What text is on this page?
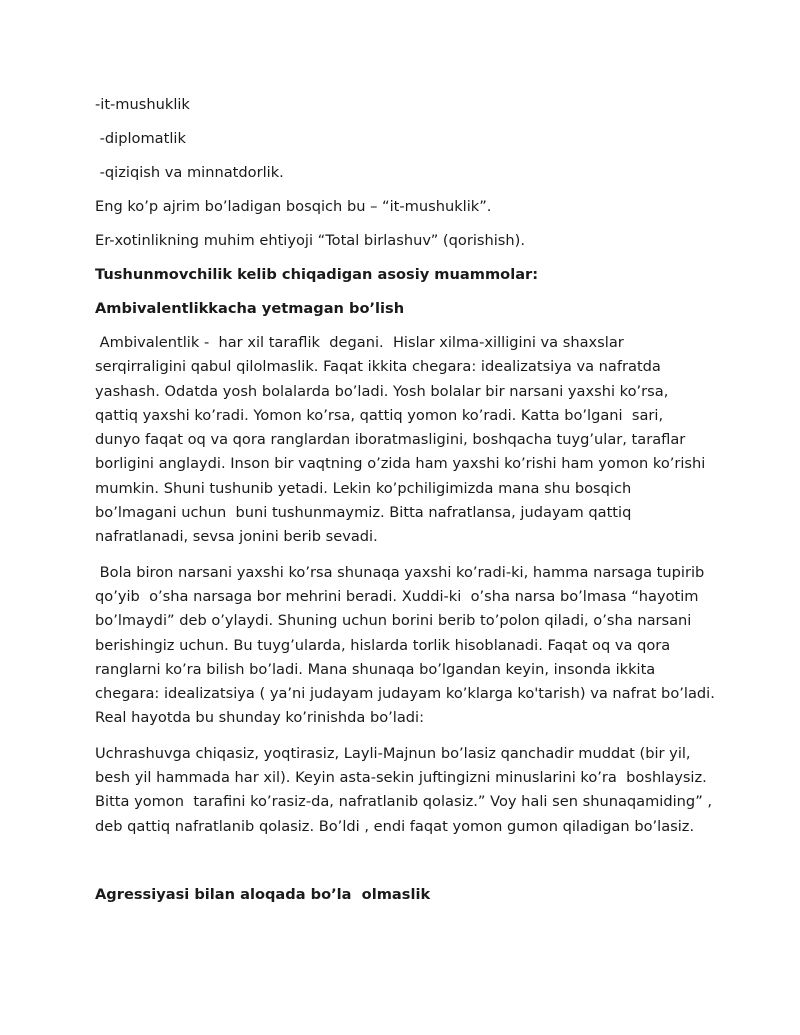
-it-mushuklik

-diplomatlik

-qiziqish va minnatdorlik.

Eng ko’p ajrim bo’ladigan bosqich bu – “it-mushuklik”.

Er-xotinlikning muhim ehtiyoji “Total birlashuv” (qorishish).

Tushunmovchilik kelib chiqadigan asosiy muammolar:

Ambivalentlikkacha yetmagan bo’lish

Ambivalentlik -  har xil taraflik  degani.  Hislar xilma-xilligini va shaxslar
serqirraligini qabul qilolmaslik. Faqat ikkita chegara: idealizatsiya va nafratda
yashash. Odatda yosh bolalarda bo’ladi. Yosh bolalar bir narsani yaxshi ko’rsa,
qattiq yaxshi ko’radi. Yomon ko’rsa, qattiq yomon ko’radi. Katta bo’lgani  sari,
dunyo faqat oq va qora ranglardan iboratmasligini, boshqacha tuyg’ular, taraflar
borligini anglaydi. Inson bir vaqtning o’zida ham yaxshi ko’rishi ham yomon ko’rishi
mumkin. Shuni tushunib yetadi. Lekin ko’pchiligimizda mana shu bosqich
bo’lmagani uchun  buni tushunmaymiz. Bitta nafratlansa, judayam qattiq
nafratlanadi, sevsa jonini berib sevadi.
Bola biron narsani yaxshi ko’rsa shunaqa yaxshi ko’radi-ki, hamma narsaga tupirib
qo’yib  o’sha narsaga bor mehrini beradi. Xuddi-ki  o’sha narsa bo’lmasa “hayotim
bo’lmaydi” deb o’ylaydi. Shuning uchun borini berib to’polon qiladi, o’sha narsani
berishingiz uchun. Bu tuyg’ularda, hislarda torlik hisoblanadi. Faqat oq va qora
ranglarni ko’ra bilish bo’ladi. Mana shunaqa bo’lgandan keyin, insonda ikkita
chegara: idealizatsiya ( ya’ni judayam judayam ko’klarga ko'tarish) va nafrat bo’ladi.
Real hayotda bu shunday ko’rinishda bo’ladi:
Uchrashuvga chiqasiz, yoqtirasiz, Layli-Majnun bo’lasiz qanchadir muddat (bir yil,
besh yil hammada har xil). Keyin asta-sekin juftingizni minuslarini ko’ra  boshlaysiz.
Bitta yomon  tarafini ko’rasiz-da, nafratlanib qolasiz.” Voy hali sen shunaqamiding” ,
deb qattiq nafratlanib qolasiz. Bo’ldi , endi faqat yomon gumon qiladigan bo’lasiz.

Agressiyasi bilan aloqada bo’la  olmaslik
